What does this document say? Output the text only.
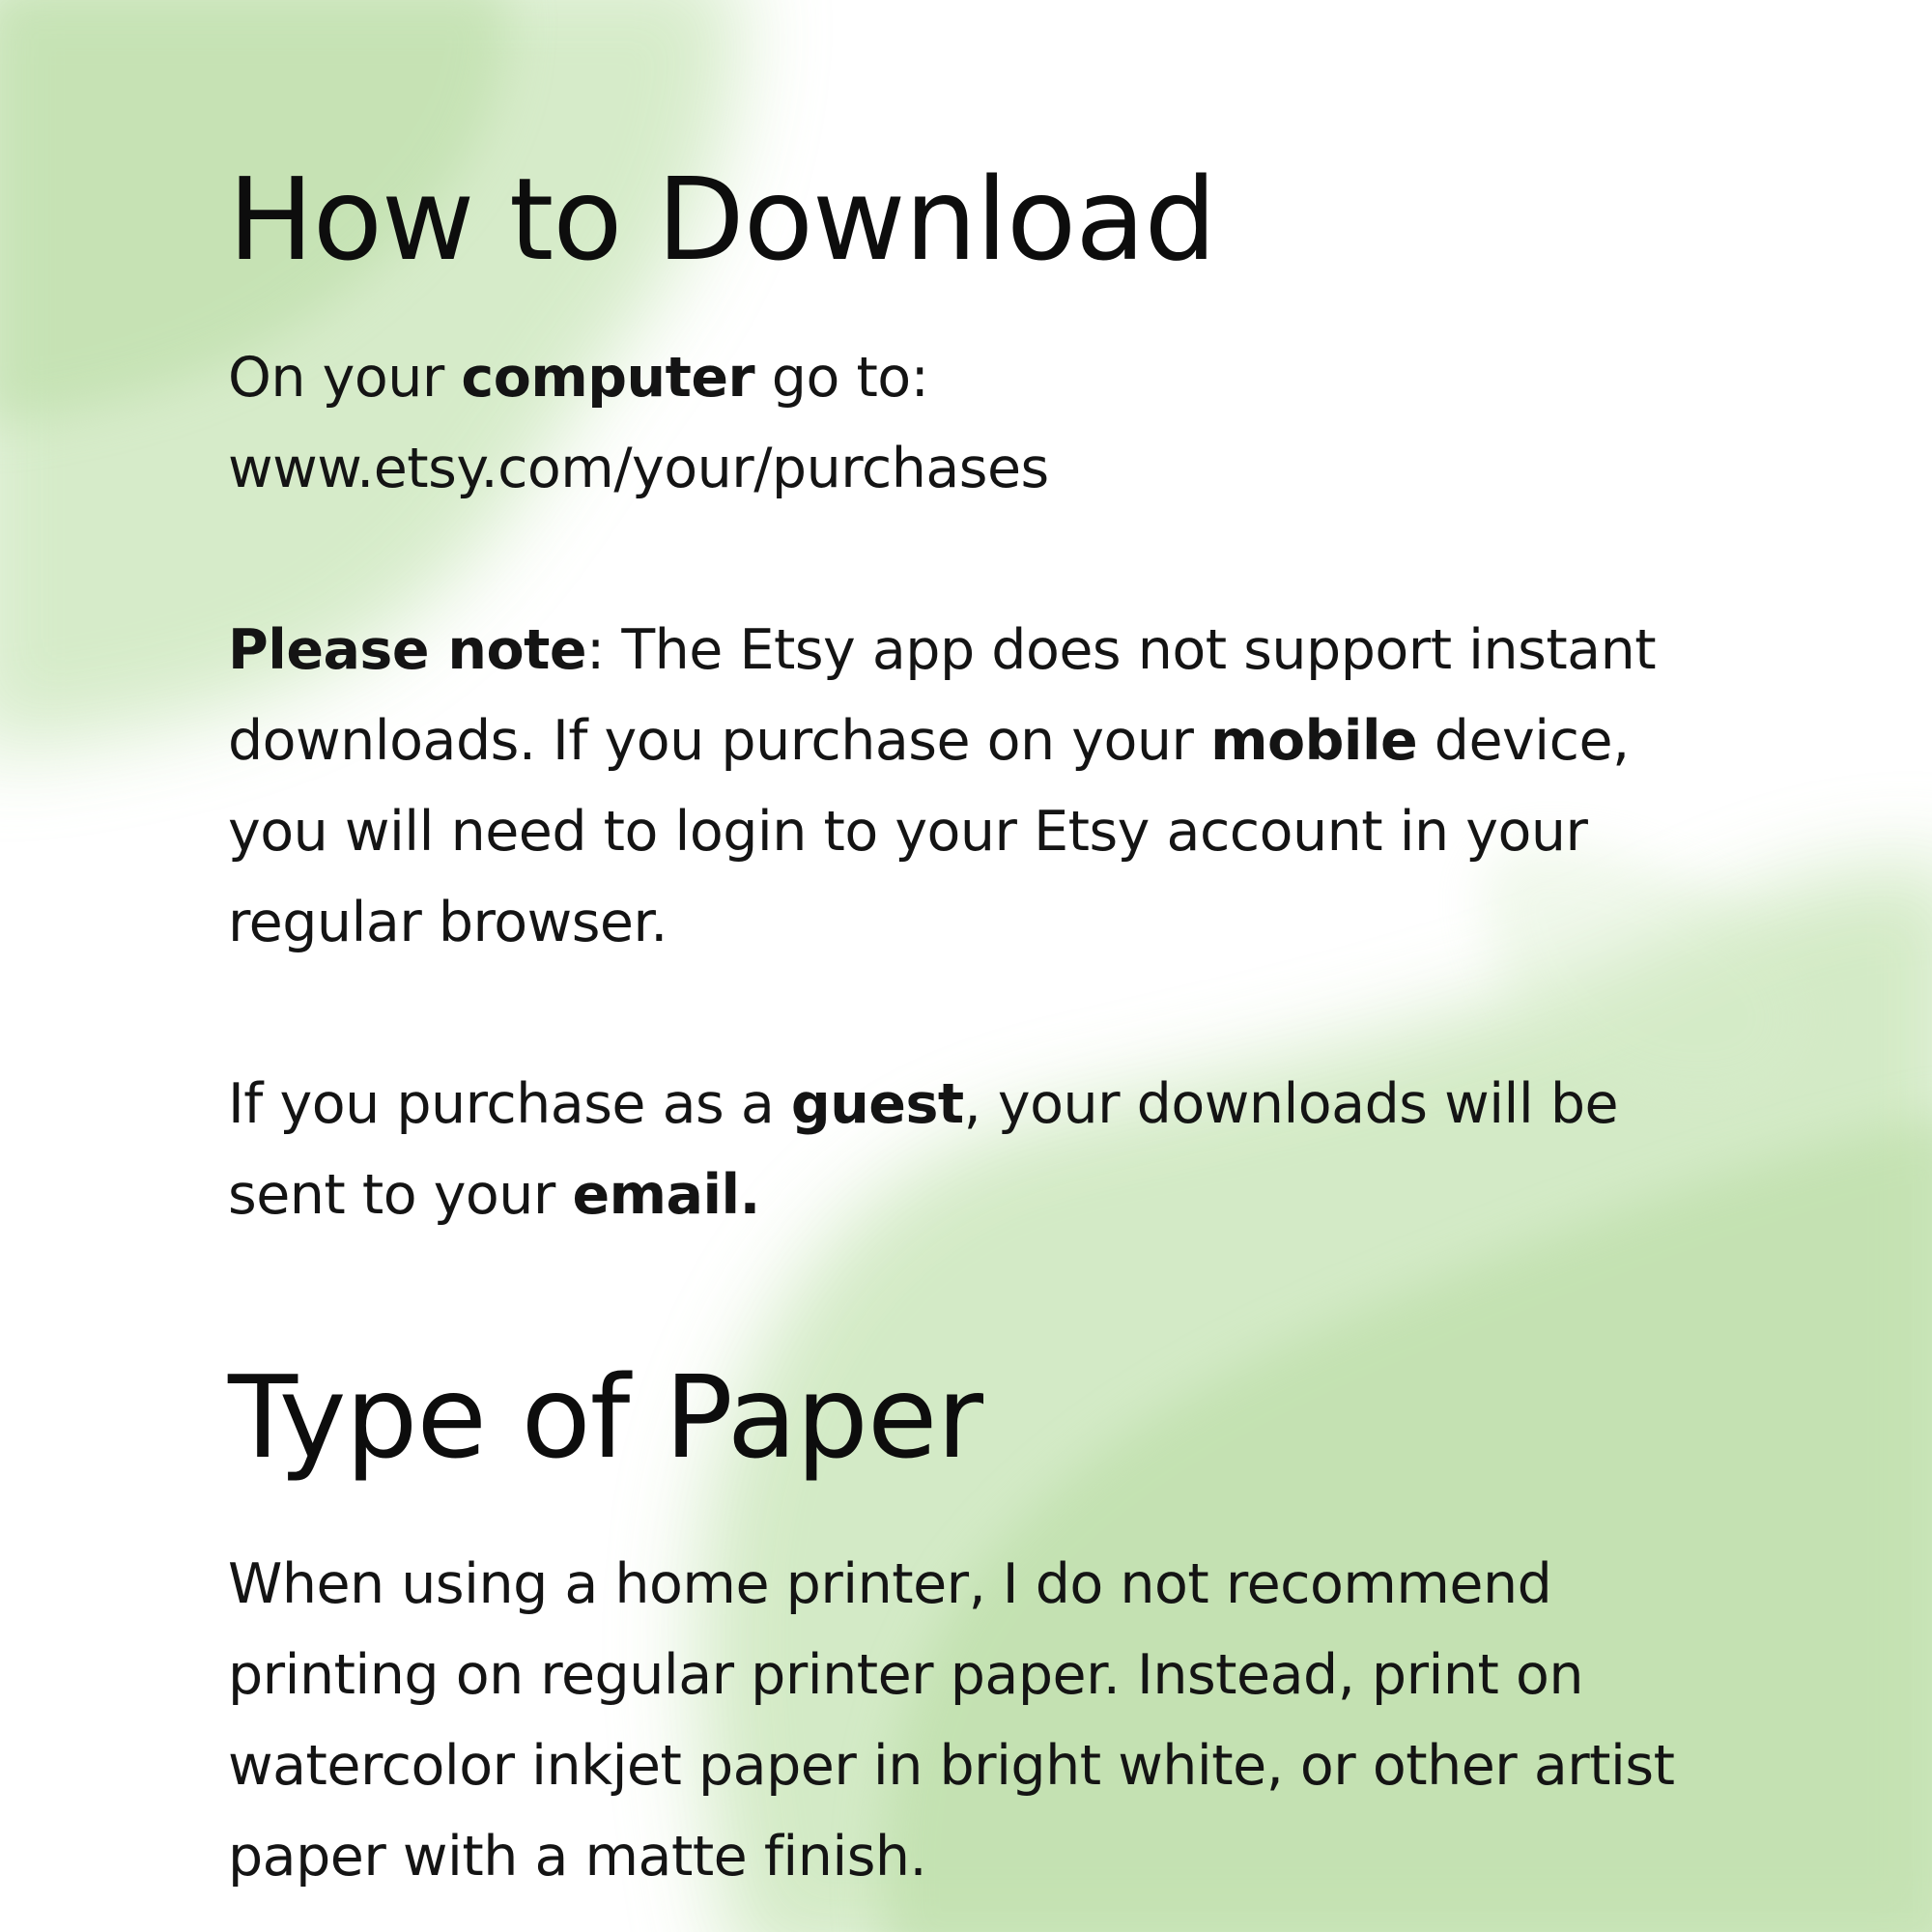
How to Download

On your computer go to: www.etsy.com/your/purchases

Please note: The Etsy app does not support instant downloads. If you purchase on your mobile device, you will need to login to your Etsy account in your regular browser.

If you purchase as a guest, your downloads will be sent to your email.

Type of Paper

When using a home printer, I do not recommend printing on regular printer paper. Instead, print on watercolor inkjet paper in bright white, or other artist paper with a matte finish.
